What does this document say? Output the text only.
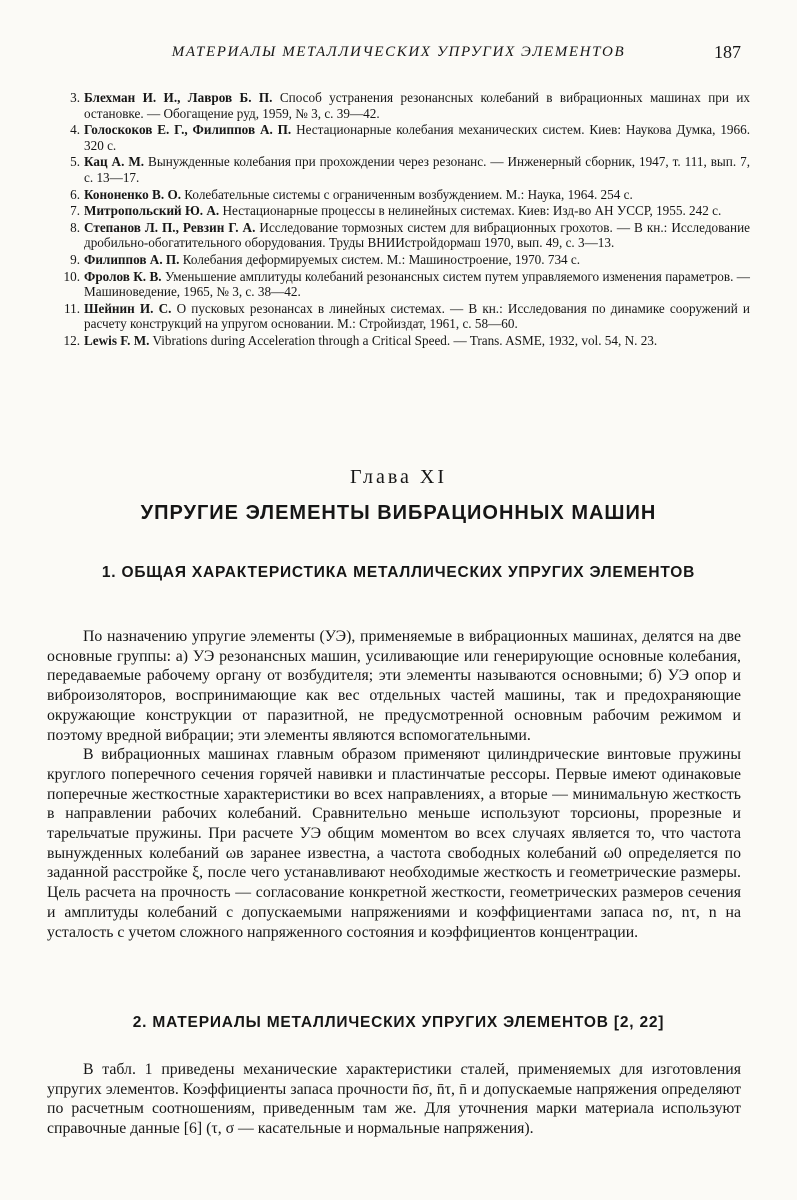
МАТЕРИАЛЫ МЕТАЛЛИЧЕСКИХ УПРУГИХ ЭЛЕМЕНТОВ	187
3. Блехман И. И., Лавров Б. П. Способ устранения резонансных колебаний в вибрационных машинах при их остановке. — Обогащение руд, 1959, № 3, с. 39—42.
4. Голоскоков Е. Г., Филиппов А. П. Нестационарные колебания механических систем. Киев: Наукова Думка, 1966. 320 с.
5. Кац А. М. Вынужденные колебания при прохождении через резонанс. — Инженерный сборник, 1947, т. 111, вып. 7, с. 13—17.
6. Кононенко В. О. Колебательные системы с ограниченным возбуждением. М.: Наука, 1964. 254 с.
7. Митропольский Ю. А. Нестационарные процессы в нелинейных системах. Киев: Изд-во АН УССР, 1955. 242 с.
8. Степанов Л. П., Ревзин Г. А. Исследование тормозных систем для вибрационных грохотов. — В кн.: Исследование дробильно-обогатительного оборудования. Труды ВНИИстройдормаш 1970, вып. 49, с. 3—13.
9. Филиппов А. П. Колебания деформируемых систем. М.: Машиностроение, 1970. 734 с.
10. Фролов К. В. Уменьшение амплитуды колебаний резонансных систем путем управляемого изменения параметров. — Машиноведение, 1965, № 3, с. 38—42.
11. Шейнин И. С. О пусковых резонансах в линейных системах. — В кн.: Исследования по динамике сооружений и расчету конструкций на упругом основании. М.: Стройиздат, 1961, с. 58—60.
12. Lewis F. M. Vibrations during Acceleration through a Critical Speed. — Trans. ASME, 1932, vol. 54, N. 23.
Глава XI
УПРУГИЕ ЭЛЕМЕНТЫ ВИБРАЦИОННЫХ МАШИН
1. ОБЩАЯ ХАРАКТЕРИСТИКА МЕТАЛЛИЧЕСКИХ УПРУГИХ ЭЛЕМЕНТОВ

По назначению упругие элементы (УЭ), применяемые в вибрационных машинах, делятся на две основные группы: а) УЭ резонансных машин, усиливающие или генерирующие основные колебания, передаваемые рабочему органу от возбудителя; эти элементы называются основными; б) УЭ опор и виброизоляторов, воспринимающие как вес отдельных частей машины, так и предохраняющие окружающие конструкции от паразитной, не предусмотренной основным рабочим режимом и поэтому вредной вибрации; эти элементы являются вспомогательными.

В вибрационных машинах главным образом применяют цилиндрические винтовые пружины круглого поперечного сечения горячей навивки и пластинчатые рессоры. Первые имеют одинаковые поперечные жесткостные характеристики во всех направлениях, а вторые — минимальную жесткость в направлении рабочих колебаний. Сравнительно меньше используют торсионы, прорезные и тарельчатые пружины. При расчете УЭ общим моментом во всех случаях является то, что частота вынужденных колебаний ωв заранее известна, а частота свободных колебаний ω0 определяется по заданной расстройке ξ, после чего устанавливают необходимые жесткость и геометрические размеры. Цель расчета на прочность — согласование конкретной жесткости, геометрических размеров сечения и амплитуды колебаний с допускаемыми напряжениями и коэффициентами запаса nσ, nτ, n на усталость с учетом сложного напряженного состояния и коэффициентов концентрации.

2. МАТЕРИАЛЫ МЕТАЛЛИЧЕСКИХ УПРУГИХ ЭЛЕМЕНТОВ [2, 22]

В табл. 1 приведены механические характеристики сталей, применяемых для изготовления упругих элементов. Коэффициенты запаса прочности n̄σ, n̄τ, n̄ и допускаемые напряжения определяют по расчетным соотношениям, приведенным там же. Для уточнения марки материала используют справочные данные [6] (τ, σ — касательные и нормальные напряжения).
